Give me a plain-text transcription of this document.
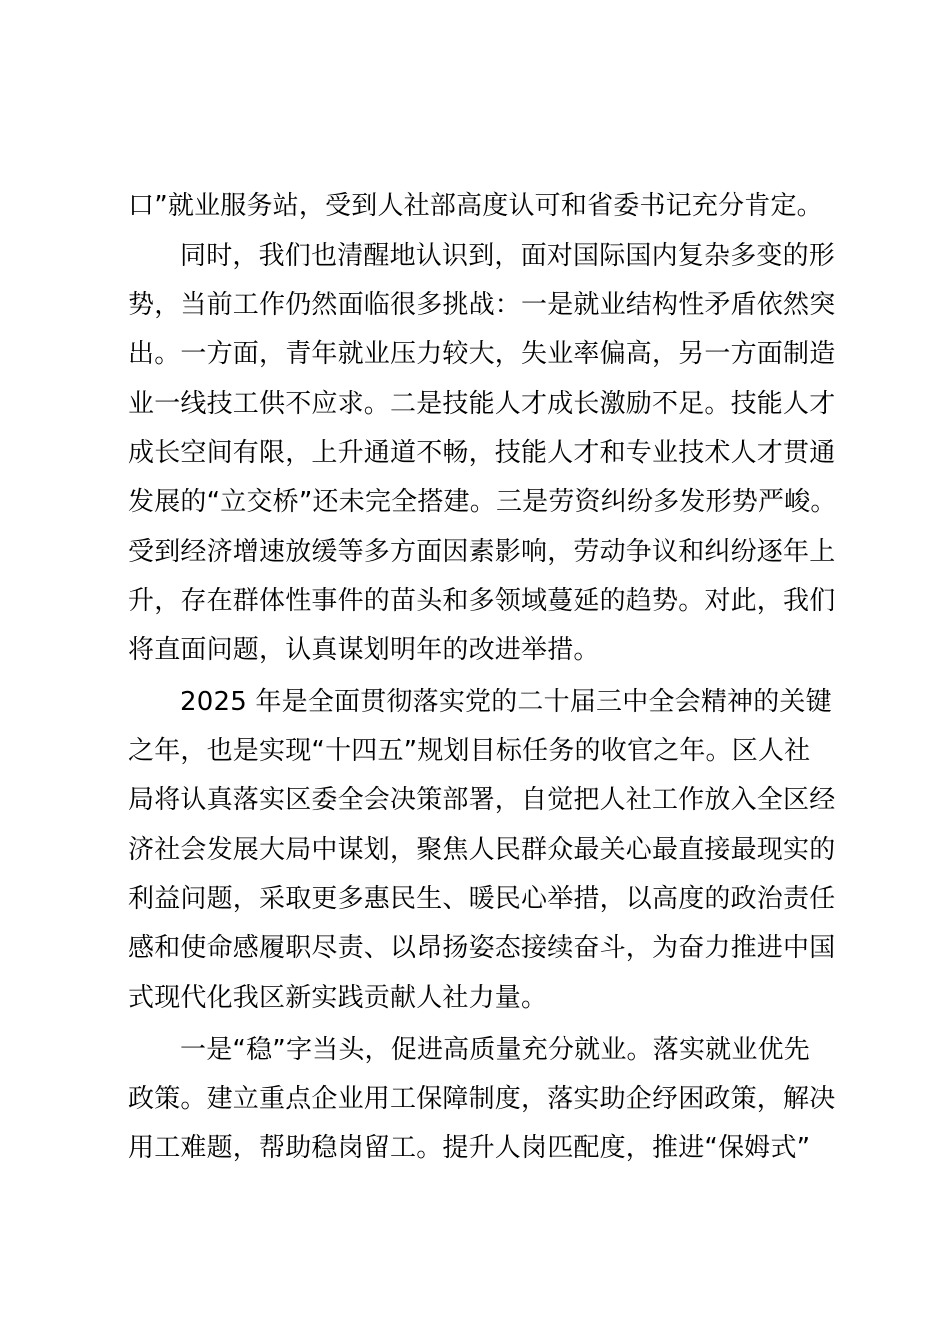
口”就业服务站，受到人社部高度认可和省委书记充分肯定。
同时，我们也清醒地认识到，面对国际国内复杂多变的形
势，当前工作仍然面临很多挑战：一是就业结构性矛盾依然突
出。一方面，青年就业压力较大，失业率偏高，另一方面制造
业一线技工供不应求。二是技能人才成长激励不足。技能人才
成长空间有限，上升通道不畅，技能人才和专业技术人才贯通
发展的“立交桥”还未完全搭建。三是劳资纠纷多发形势严峻。
受到经济增速放缓等多方面因素影响，劳动争议和纠纷逐年上
升，存在群体性事件的苗头和多领域蔓延的趋势。对此，我们
将直面问题，认真谋划明年的改进举措。
2025 年是全面贯彻落实党的二十届三中全会精神的关键
之年，也是实现“十四五”规划目标任务的收官之年。区人社
局将认真落实区委全会决策部署，自觉把人社工作放入全区经
济社会发展大局中谋划，聚焦人民群众最关心最直接最现实的
利益问题，采取更多惠民生、暖民心举措，以高度的政治责任
感和使命感履职尽责、以昂扬姿态接续奋斗，为奋力推进中国
式现代化我区新实践贡献人社力量。
一是“稳”字当头，促进高质量充分就业。落实就业优先
政策。建立重点企业用工保障制度，落实助企纾困政策，解决
用工难题，帮助稳岗留工。提升人岗匹配度，推进“保姆式”
